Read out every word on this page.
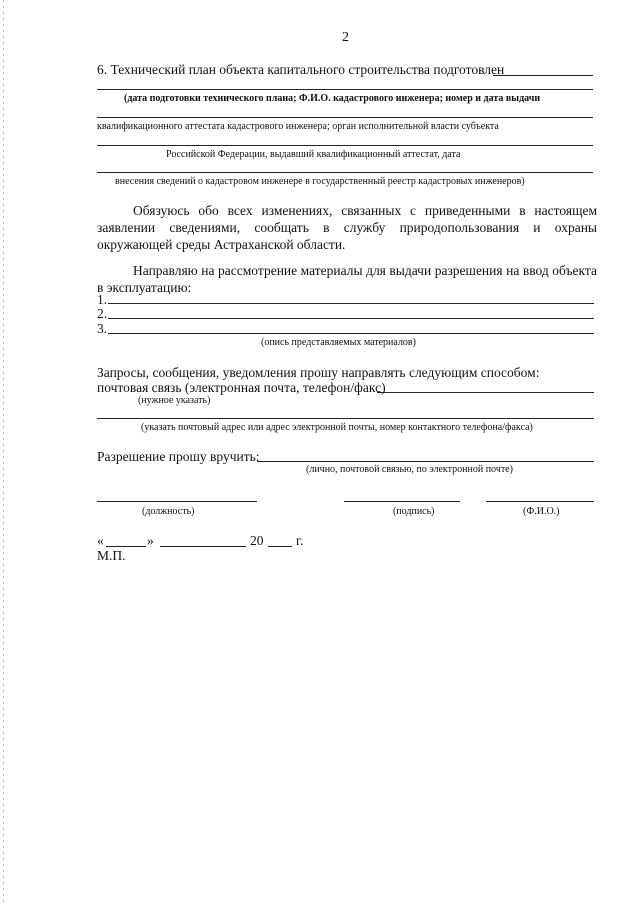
2
6. Технический план объекта капитального строительства подготовлен
(дата подготовки технического плана; Ф.И.О. кадастрового инженера; номер и дата выдачи
квалификационного аттестата кадастрового инженера; орган исполнительной власти субъекта
Российской Федерации, выдавший квалификационный аттестат, дата
внесения сведений о кадастровом инженере в государственный реестр кадастровых инженеров)
Обязуюсь обо всех изменениях, связанных с приведенными в настоящем заявлении сведениями, сообщать в службу природопользования и охраны окружающей среды Астраханской области.
Направляю на рассмотрение материалы для выдачи разрешения на ввод объекта в эксплуатацию:
1.
2.
3.
(опись представляемых материалов)
Запросы, сообщения, уведомления прошу направлять следующим способом:
почтовая связь (электронная почта, телефон/факс)
(нужное указать)
(указать почтовый адрес или адрес электронной почты, номер контактного телефона/факса)
Разрешение прошу вручить:
(лично, почтовой связью, по электронной почте)
(должность)	(подпись)	(Ф.И.О.)
«	»	20 г.
М.П.
